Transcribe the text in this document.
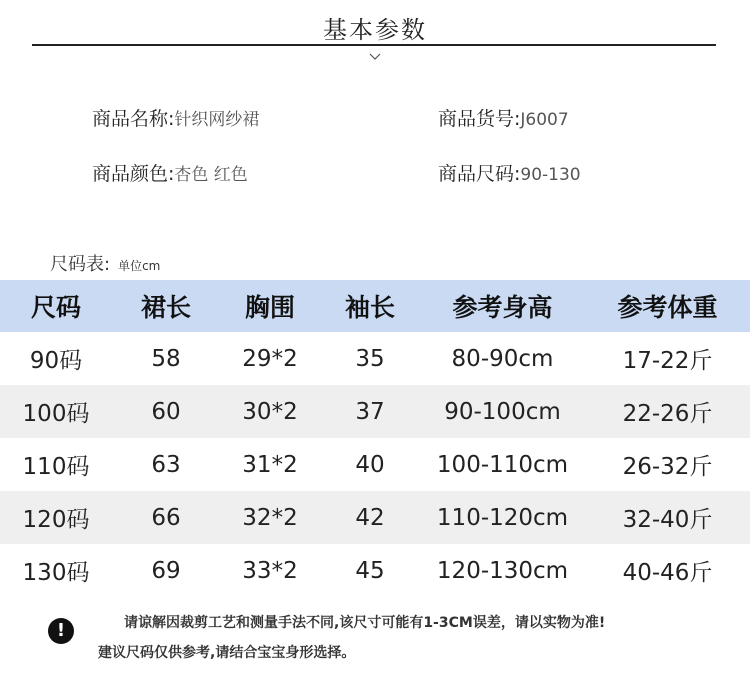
基本参数
商品名称:针织网纱裙	商品货号:J6007
商品颜色:杏色 红色	商品尺码:90-130
尺码表: 单位cm
尺码	裙长	胸围	袖长	参考身高	参考体重
90码	58	29*2	35	80-90cm	17-22斤
100码	60	30*2	37	90-100cm	22-26斤
110码	63	31*2	40	100-110cm	26-32斤
120码	66	32*2	42	110-120cm	32-40斤
130码	69	33*2	45	120-130cm	40-46斤
!	请谅解因裁剪工艺和测量手法不同,该尺寸可能有1-3CM误差，请以实物为准!
建议尺码仅供参考,请结合宝宝身形选择。
